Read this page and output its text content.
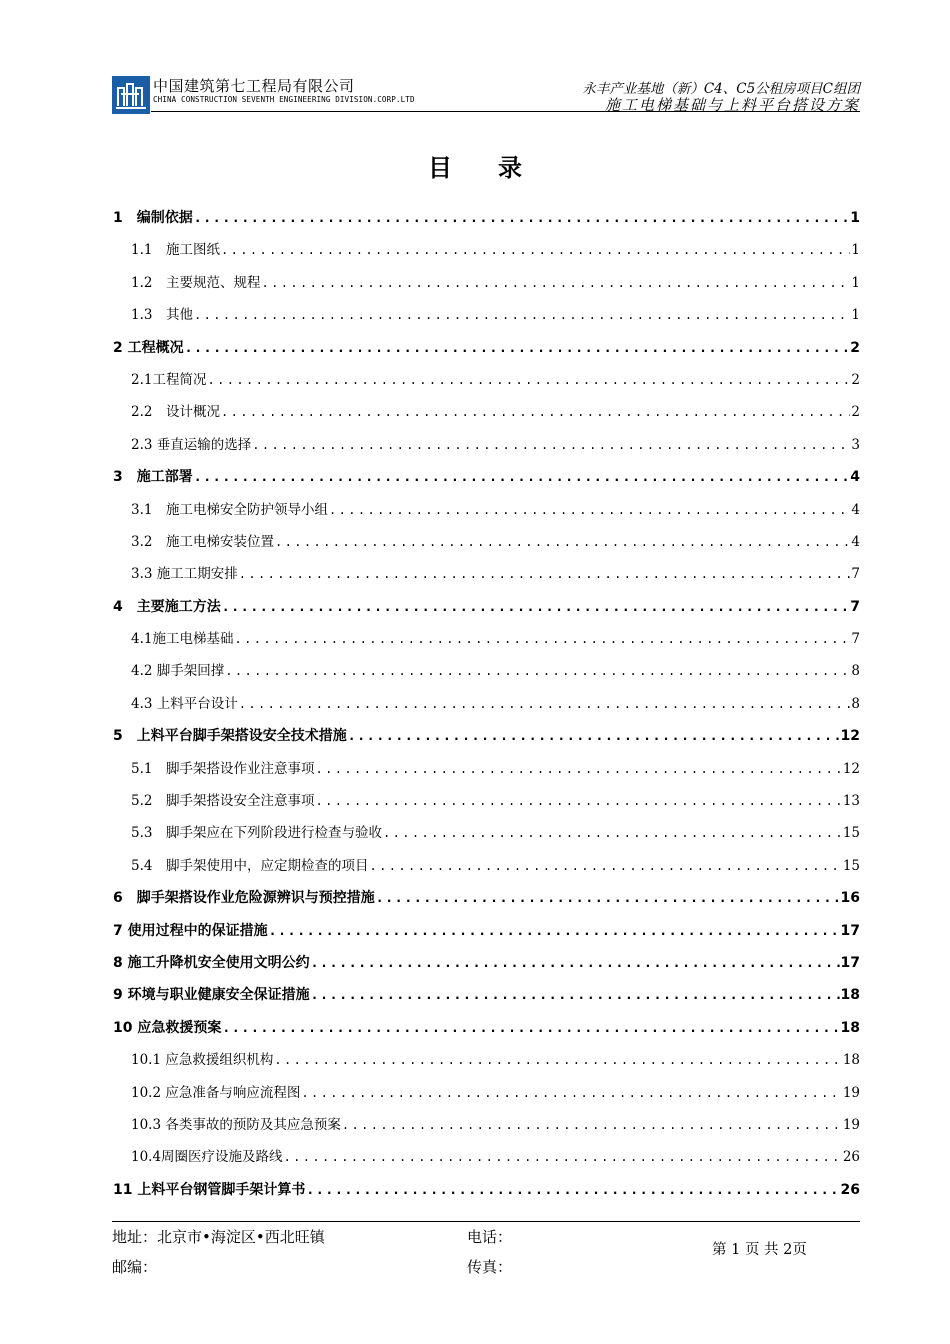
中国建筑第七工程局有限公司
CHINA CONSTRUCTION SEVENTH ENGINEERING DIVISION.CORP.LTD
永丰产业基地（新）C4、C5公租房项目C组团
施工电梯基础与上料平台搭设方案
目 录
1　编制依据 .....	1
1.1　施工图纸 .....	1
1.2　主要规范、规程 .....	1
1.3　其他 .....	1
2 工程概况 .....	2
2.1工程简况 .....	2
2.2　设计概况 .....	2
2.3 垂直运输的选择 .....	3
3　施工部署 .....	4
3.1　施工电梯安全防护领导小组 .....	4
3.2　施工电梯安装位置 .....	4
3.3 施工工期安排 .....	7
4　主要施工方法 .....	7
4.1施工电梯基础 .....	7
4.2 脚手架回撑 .....	8
4.3 上料平台设计 .....	8
5　上料平台脚手架搭设安全技术措施 .....	12
5.1　脚手架搭设作业注意事项 .....	12
5.2　脚手架搭设安全注意事项 .....	13
5.3　脚手架应在下列阶段进行检查与验收 .....	15
5.4　脚手架使用中，应定期检查的项目 .....	15
6　脚手架搭设作业危险源辨识与预控措施 .....	16
7 使用过程中的保证措施 .....	17
8 施工升降机安全使用文明公约 .....	17
9 环境与职业健康安全保证措施 .....	18
10 应急救援预案 .....	18
10.1 应急救援组织机构 .....	18
10.2 应急准备与响应流程图 .....	19
10.3 各类事故的预防及其应急预案 .....	19
10.4周圈医疗设施及路线 .....	26
11 上料平台钢管脚手架计算书 .....	26
地址：北京市•海淀区•西北旺镇
邮编：
电话：
传真：
第 1 页 共 2页
